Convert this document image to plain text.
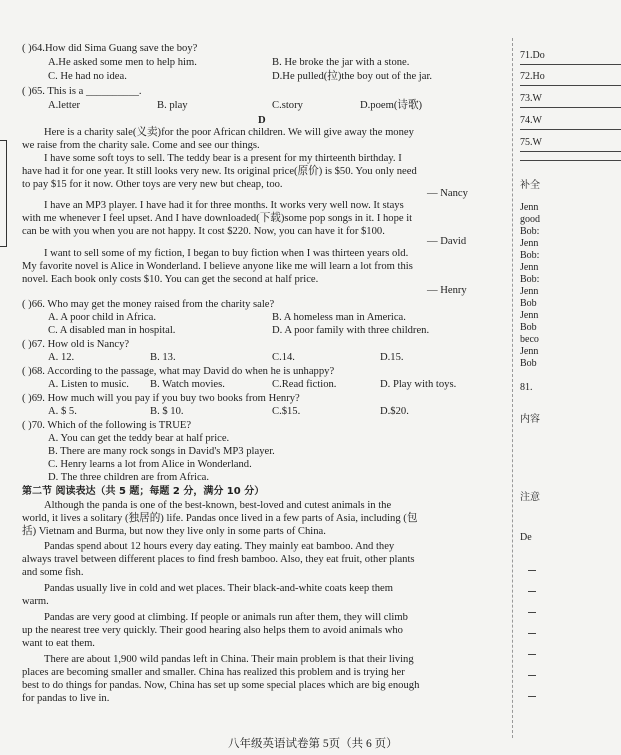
( )64.How did Sima Guang save the boy?
A.He asked some men to help him.	B. He broke the jar with a stone.
C. He had no idea.	D.He pulled(拉)the boy out of the jar.
( )65. This is a __________.
A.letter	B. play	C.story	D.poem(诗歌)
D
Here is a charity sale(义卖)for the poor African children. We will give away the money
we raise from the charity sale. Come and see our things.
I have some soft toys to sell. The teddy bear is a present for my thirteenth birthday. I
have had it for one year. It still looks very new. Its original price(原价) is $50. You only need
to pay $15 for it now. Other toys are very new but cheap, too.
— Nancy
I have an MP3 player. I have had it for three months. It works very well now. It stays
with me whenever I feel upset. And I have downloaded(下载)some pop songs in it. I hope it
can be with you when you are not happy. It cost $220. Now, you can have it for $100.
— David
I want to sell some of my fiction, I began to buy fiction when I was thirteen years old.
My favorite novel is Alice in Wonderland. I believe anyone like me will learn a lot from this
novel. Each book only costs $10. You can get the second at half price.
— Henry
( )66. Who may get the money raised from the charity sale?
A. A poor child in Africa.	B. A homeless man in America.
C. A disabled man in hospital.	D. A poor family with three children.
( )67. How old is Nancy?
A. 12.	B. 13.	C.14.	D.15.
( )68. According to the passage, what may David do when he is unhappy?
A. Listen to music. B. Watch movies.	C.Read fiction.	D. Play with toys.
( )69. How much will you pay if you buy two books from Henry?
A. $ 5.	B. $ 10.	C.$15.	D.$20.
( )70. Which of the following is TRUE?
A. You can get the teddy bear at half price.
B. There are many rock songs in David's MP3 player.
C. Henry learns a lot from Alice in Wonderland.
D. The three children are from Africa.
第二节 阅读表达（共 5 题；每题 2 分，满分 10 分）
Although the panda is one of the best-known, best-loved and cutest animals in the
world, it lives a solitary (独居的) life. Pandas once lived in a few parts of Asia, including (包
括) Vietnam and Burma, but now they live only in some parts of China.
Pandas spend about 12 hours every day eating. They mainly eat bamboo. And they
always travel between different places to find fresh bamboo. Also, they eat fruit, other plants
and some fish.
Pandas usually live in cold and wet places. Their black-and-white coats keep them
warm.
Pandas are very good at climbing. If people or animals run after them, they will climb
up the nearest tree very quickly. Their good hearing also helps them to avoid animals who
want to eat them.
There are about 1,900 wild pandas left in China. Their main problem is that their living
places are becoming smaller and smaller. China has realized this problem and is trying her
best to do things for pandas. Now, China has set up some special places which are big enough
for pandas to live in.
八年级英语试卷第 5页（共 6 页）
71.Do
72.Ho
73.W
74.W
75.W
补全
Jenn
good
Bob:
Jenn
Bob:
Jenn
Bob:
Jenn
Bob
Jenn
Bob
beco
Jenn
Bob
81.
内容
注意
De
